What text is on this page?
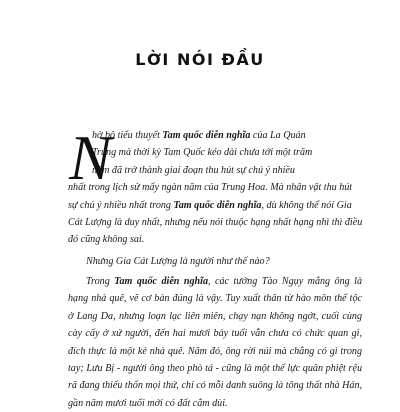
LỜI NÓI ĐẦU
N

hờ bộ tiểu thuyết Tam quốc diễn nghĩa của La Quán
Trung mà thời kỳ Tam Quốc kéo dài chưa tới một trăm
năm đã trở thành giai đoạn thu hút sự chú ý nhiều
nhất trong lịch sử mấy ngàn năm của Trung Hoa. Mà nhân vật thu hút
sự chú ý nhiều nhất trong Tam quốc diễn nghĩa, dù không thể nói Gia
Cát Lượng là duy nhất, nhưng nếu nói thuộc hạng nhất hạng nhì thì điều
đó cũng không sai.

Nhưng Gia Cát Lượng là người như thế nào?

Trong Tam quốc diễn nghĩa, các tướng Tào Ngụy mắng ông là hạng nhà quê, vẽ cơ bản đúng là vậy. Tuy xuất thân từ hào môn thế tộc ở Lang Da, nhưng loạn lạc liên miên, chạy nạn không ngớt, cuối cùng cày cấy ở xứ người, đến hai mươi bảy tuổi vẫn chưa có chức quan gì, đích thực là một kẻ nhà quê. Năm đó, ông rời núi mà chẳng có gì trong tay; Lưu Bị - người ông theo phò tá - cũng là một thế lực quân phiệt rệu rã đang thiếu thốn mọi thứ, chỉ có mỗi danh suông là tông thất nhà Hán, gần năm mươi tuổi mới có đất cắm dùi.
